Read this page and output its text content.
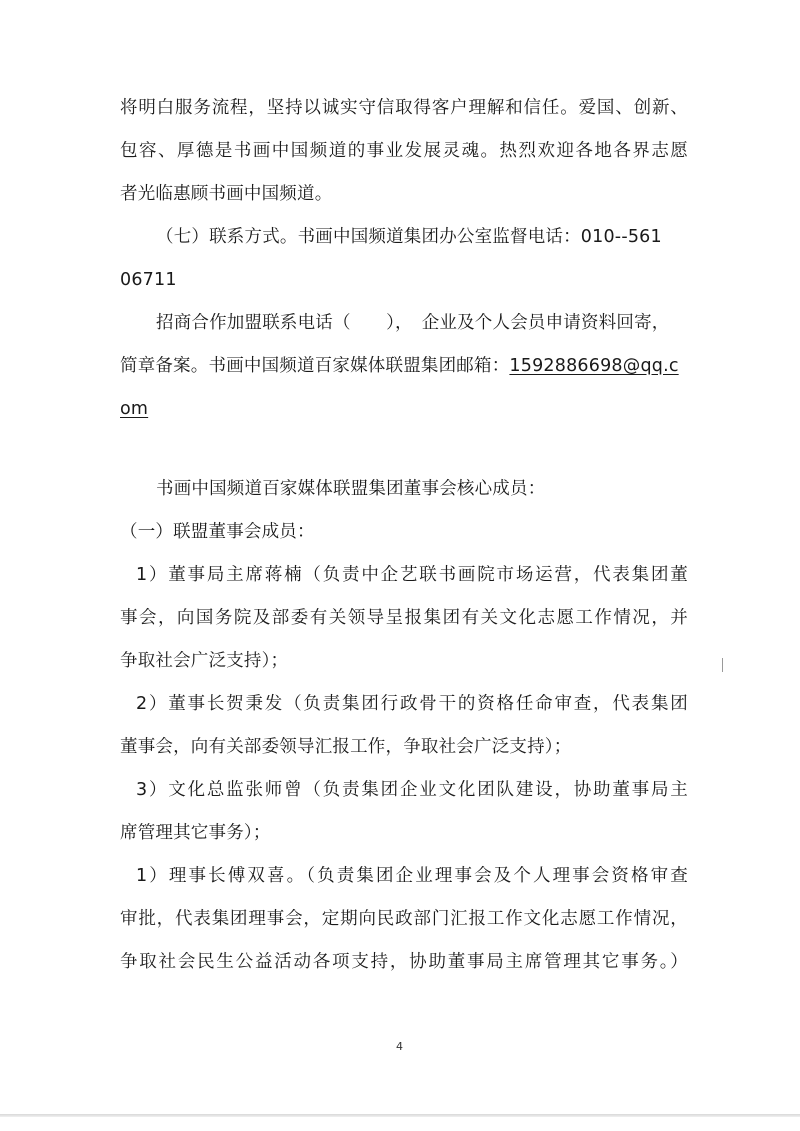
将明白服务流程，坚持以诚实守信取得客户理解和信任。爱国、创新、
包容、厚德是书画中国频道的事业发展灵魂。热烈欢迎各地各界志愿
者光临惠顾书画中国频道。
（七）联系方式。书画中国频道集团办公室监督电话：010--561
06711
招商合作加盟联系电话（　　），　企业及个人会员申请资料回寄，
简章备案。书画中国频道百家媒体联盟集团邮箱：1592886698@qq.c
om
书画中国频道百家媒体联盟集团董事会核心成员：
（一）联盟董事会成员：
1）董事局主席蒋楠（负责中企艺联书画院市场运营，代表集团董
事会，向国务院及部委有关领导呈报集团有关文化志愿工作情况，并
争取社会广泛支持）；
2）董事长贺秉发（负责集团行政骨干的资格任命审查，代表集团
董事会，向有关部委领导汇报工作，争取社会广泛支持）；
3）文化总监张师曾（负责集团企业文化团队建设，协助董事局主
席管理其它事务）；
1）理事长傅双喜。（负责集团企业理事会及个人理事会资格审查
审批，代表集团理事会，定期向民政部门汇报工作文化志愿工作情况，
争取社会民生公益活动各项支持，协助董事局主席管理其它事务。）
4
